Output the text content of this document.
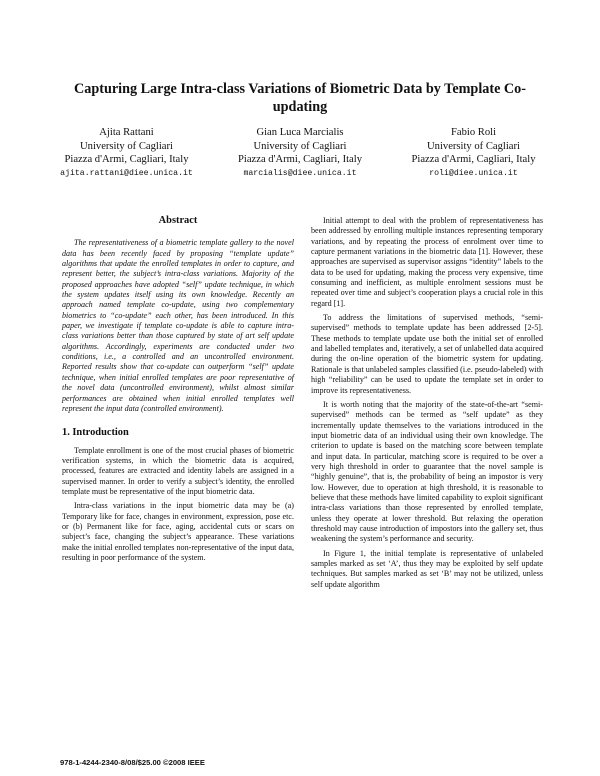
Capturing Large Intra-class Variations of Biometric Data by Template Co-updating
Ajita Rattani
University of Cagliari
Piazza d'Armi, Cagliari, Italy
ajita.rattani@diee.unica.it
Gian Luca Marcialis
University of Cagliari
Piazza d'Armi, Cagliari, Italy
marcialis@diee.unica.it
Fabio Roli
University of Cagliari
Piazza d'Armi, Cagliari, Italy
roli@diee.unica.it
Abstract

The representativeness of a biometric template gallery to the novel data has been recently faced by proposing “template update” algorithms that update the enrolled templates in order to capture, and represent better, the subject’s intra-class variations. Majority of the proposed approaches have adopted “self” update technique, in which the system updates itself using its own knowledge. Recently an approach named template co-update, using two complementary biometrics to “co-update” each other, has been introduced. In this paper, we investigate if template co-update is able to capture intra-class variations better than those captured by state of art self update algorithms. Accordingly, experiments are conducted under two conditions, i.e., a controlled and an uncontrolled environment. Reported results show that co-update can outperform “self” update technique, when initial enrolled templates are poor representative of the novel data (uncontrolled environment), whilst almost similar performances are obtained when initial enrolled templates well represent the input data (controlled environment).

1. Introduction

Template enrollment is one of the most crucial phases of biometric verification systems, in which the biometric data is acquired, processed, features are extracted and identity labels are assigned in a supervised manner. In order to verify a subject’s identity, the enrolled template must be representative of the input biometric data.

Intra-class variations in the input biometric data may be (a) Temporary like for face, changes in environment, expression, pose etc. or (b) Permanent like for face, aging, accidental cuts or scars on subject’s face, changing the subject’s appearance. These variations make the initial enrolled templates non-representative of the input data, resulting in poor performance of the system.

Initial attempt to deal with the problem of representativeness has been addressed by enrolling multiple instances representing temporary variations, and by repeating the process of enrolment over time to capture permanent variations in the biometric data [1]. However, these approaches are supervised as supervisor assigns “identity” labels to the data to be used for updating, making the process very expensive, time consuming and inefficient, as multiple enrolment sessions must be repeated over time and subject’s cooperation plays a crucial role in this regard [1].

To address the limitations of supervised methods, “semi-supervised” methods to template update has been addressed [2-5]. These methods to template update use both the initial set of enrolled and labelled templates and, iteratively, a set of unlabelled data acquired during the on-line operation of the biometric system for updating. Rationale is that unlabeled samples classified (i.e. pseudo-labeled) with high “reliability” can be used to update the template set in order to improve its representativeness.

It is worth noting that the majority of the state-of-the-art “semi-supervised” methods can be termed as “self update” as they incrementally update themselves to the variations introduced in the input biometric data of an individual using their own knowledge. The criterion to update is based on the matching score between template and input data. In particular, matching score is required to be over a very high threshold in order to guarantee that the novel sample is “highly genuine”, that is, the probability of being an impostor is very low. However, due to operation at high threshold, it is reasonable to believe that these methods have limited capability to exploit significant intra-class variations than those represented by enrolled template, unless they operate at lower threshold. But relaxing the operation threshold may cause introduction of impostors into the gallery set, thus weakening the system’s performance and security.

In Figure 1, the initial template is representative of unlabeled samples marked as set ‘A’, thus they may be exploited by self update techniques. But samples marked as set ‘B’ may not be utilized, unless self update algorithm

978-1-4244-2340-8/08/$25.00 ©2008 IEEE
